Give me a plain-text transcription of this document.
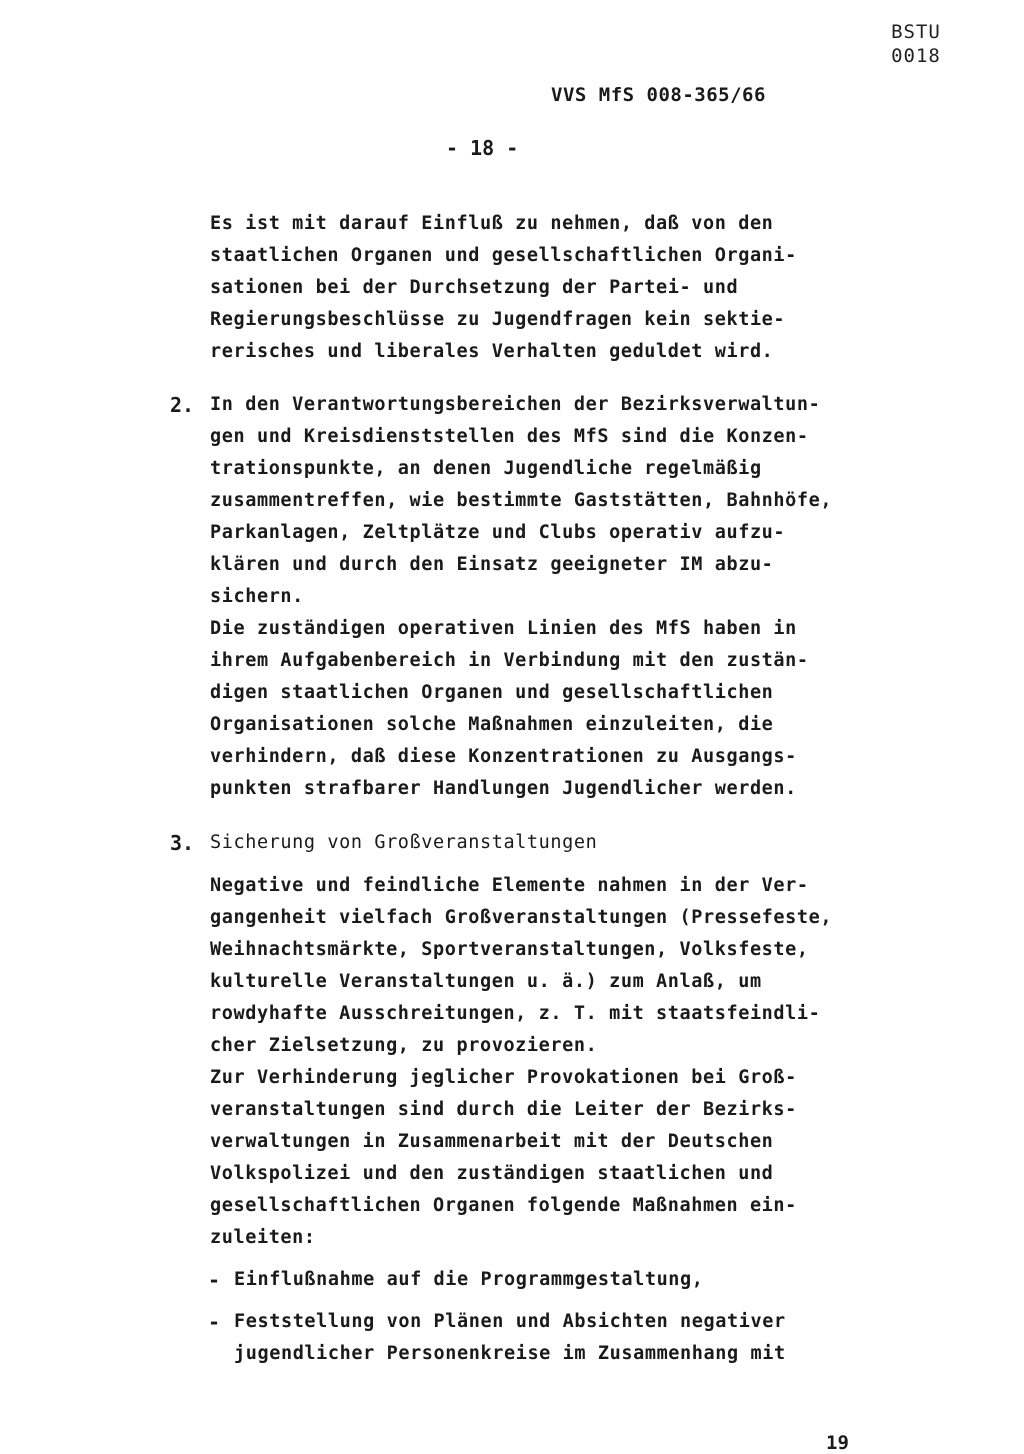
BSTU
0018
VVS MfS 008-365/66
- 18 -
Es ist mit darauf Einfluß zu nehmen, daß von den
staatlichen Organen und gesellschaftlichen Organi-
sationen bei der Durchsetzung der Partei- und
Regierungsbeschlüsse zu Jugendfragen kein sektie-
rerisches und liberales Verhalten geduldet wird.
2. In den Verantwortungsbereichen der Bezirksverwaltun-
gen und Kreisdienststellen des MfS sind die Konzen-
trationspunkte, an denen Jugendliche regelmäßig
zusammentreffen, wie bestimmte Gaststätten, Bahnhöfe,
Parkanlagen, Zeltplätze und Clubs operativ aufzu-
klären und durch den Einsatz geeigneter IM abzu-
sichern.
Die zuständigen operativen Linien des MfS haben in
ihrem Aufgabenbereich in Verbindung mit den zustän-
digen staatlichen Organen und gesellschaftlichen
Organisationen solche Maßnahmen einzuleiten, die
verhindern, daß diese Konzentrationen zu Ausgangs-
punkten strafbarer Handlungen Jugendlicher werden.
3. Sicherung von Großveranstaltungen
Negative und feindliche Elemente nahmen in der Ver-
gangenheit vielfach Großveranstaltungen (Pressefeste,
Weihnachtsmärkte, Sportveranstaltungen, Volksfeste,
kulturelle Veranstaltungen u. ä.) zum Anlaß, um
rowdyhafte Ausschreitungen, z. T. mit staatsfeindli-
cher Zielsetzung, zu provozieren.
Zur Verhinderung jeglicher Provokationen bei Groß-
veranstaltungen sind durch die Leiter der Bezirks-
verwaltungen in Zusammenarbeit mit der Deutschen
Volkspolizei und den zuständigen staatlichen und
gesellschaftlichen Organen folgende Maßnahmen ein-
zuleiten:
- Einflußnahme auf die Programmgestaltung,
- Feststellung von Plänen und Absichten negativer
jugendlicher Personenkreise im Zusammenhang mit
19
